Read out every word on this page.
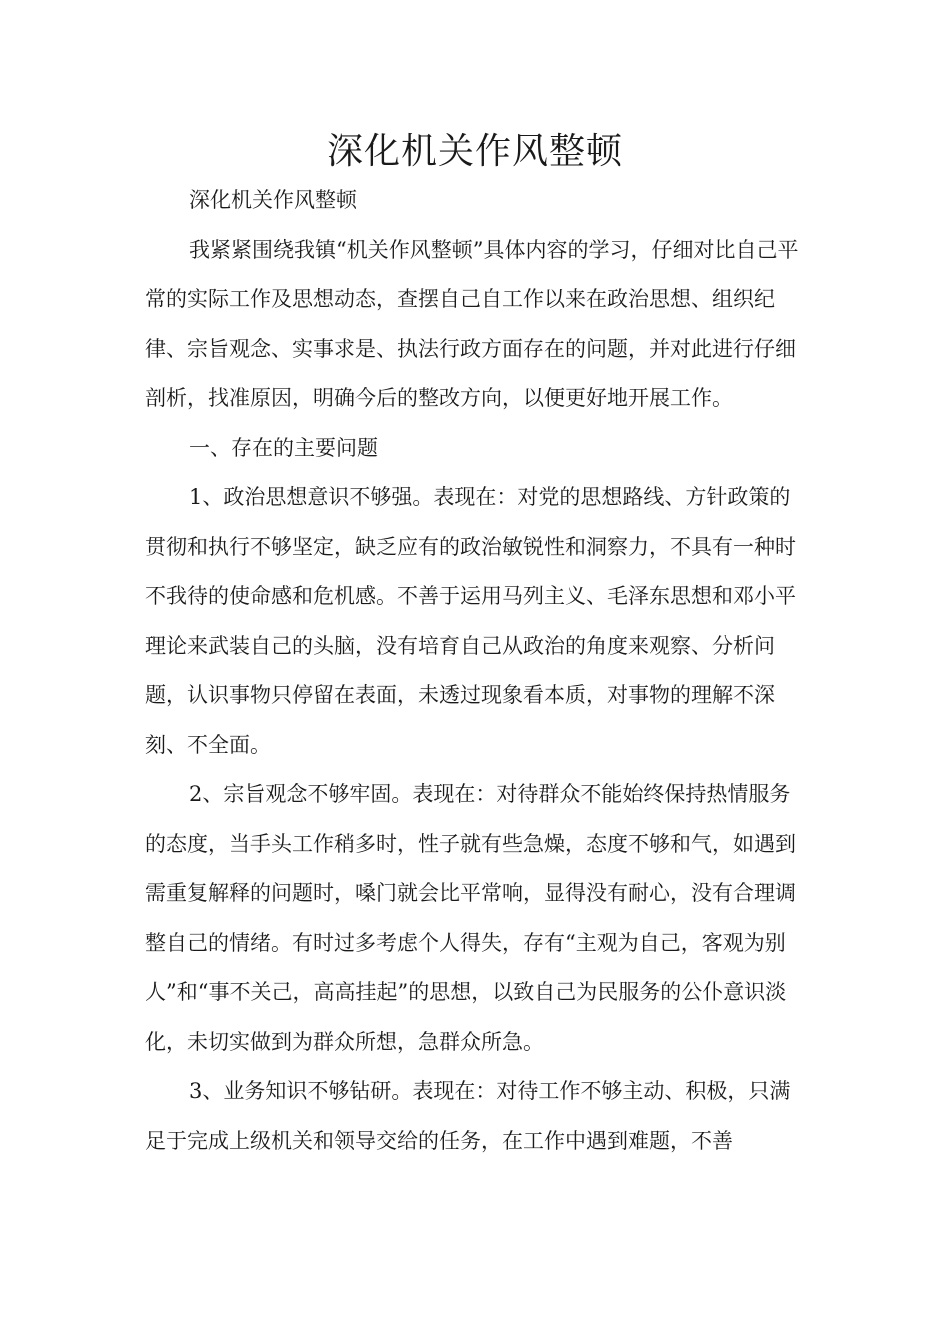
深化机关作风整顿

深化机关作风整顿

我紧紧围绕我镇“机关作风整顿”具体内容的学习，仔细对比自己平常的实际工作及思想动态，查摆自己自工作以来在政治思想、组织纪律、宗旨观念、实事求是、执法行政方面存在的问题，并对此进行仔细剖析，找准原因，明确今后的整改方向，以便更好地开展工作。

一、存在的主要问题

1、政治思想意识不够强。表现在：对党的思想路线、方针政策的贯彻和执行不够坚定，缺乏应有的政治敏锐性和洞察力，不具有一种时不我待的使命感和危机感。不善于运用马列主义、毛泽东思想和邓小平理论来武装自己的头脑，没有培育自己从政治的角度来观察、分析问题，认识事物只停留在表面，未透过现象看本质，对事物的理解不深刻、不全面。

2、宗旨观念不够牢固。表现在：对待群众不能始终保持热情服务的态度，当手头工作稍多时，性子就有些急燥，态度不够和气，如遇到需重复解释的问题时，嗓门就会比平常响，显得没有耐心，没有合理调整自己的情绪。有时过多考虑个人得失，存有“主观为自己，客观为别人”和“事不关己，高高挂起”的思想，以致自己为民服务的公仆意识淡化，未切实做到为群众所想，急群众所急。

3、业务知识不够钻研。表现在：对待工作不够主动、积极，只满足于完成上级机关和领导交给的任务，在工作中遇到难题，不善
